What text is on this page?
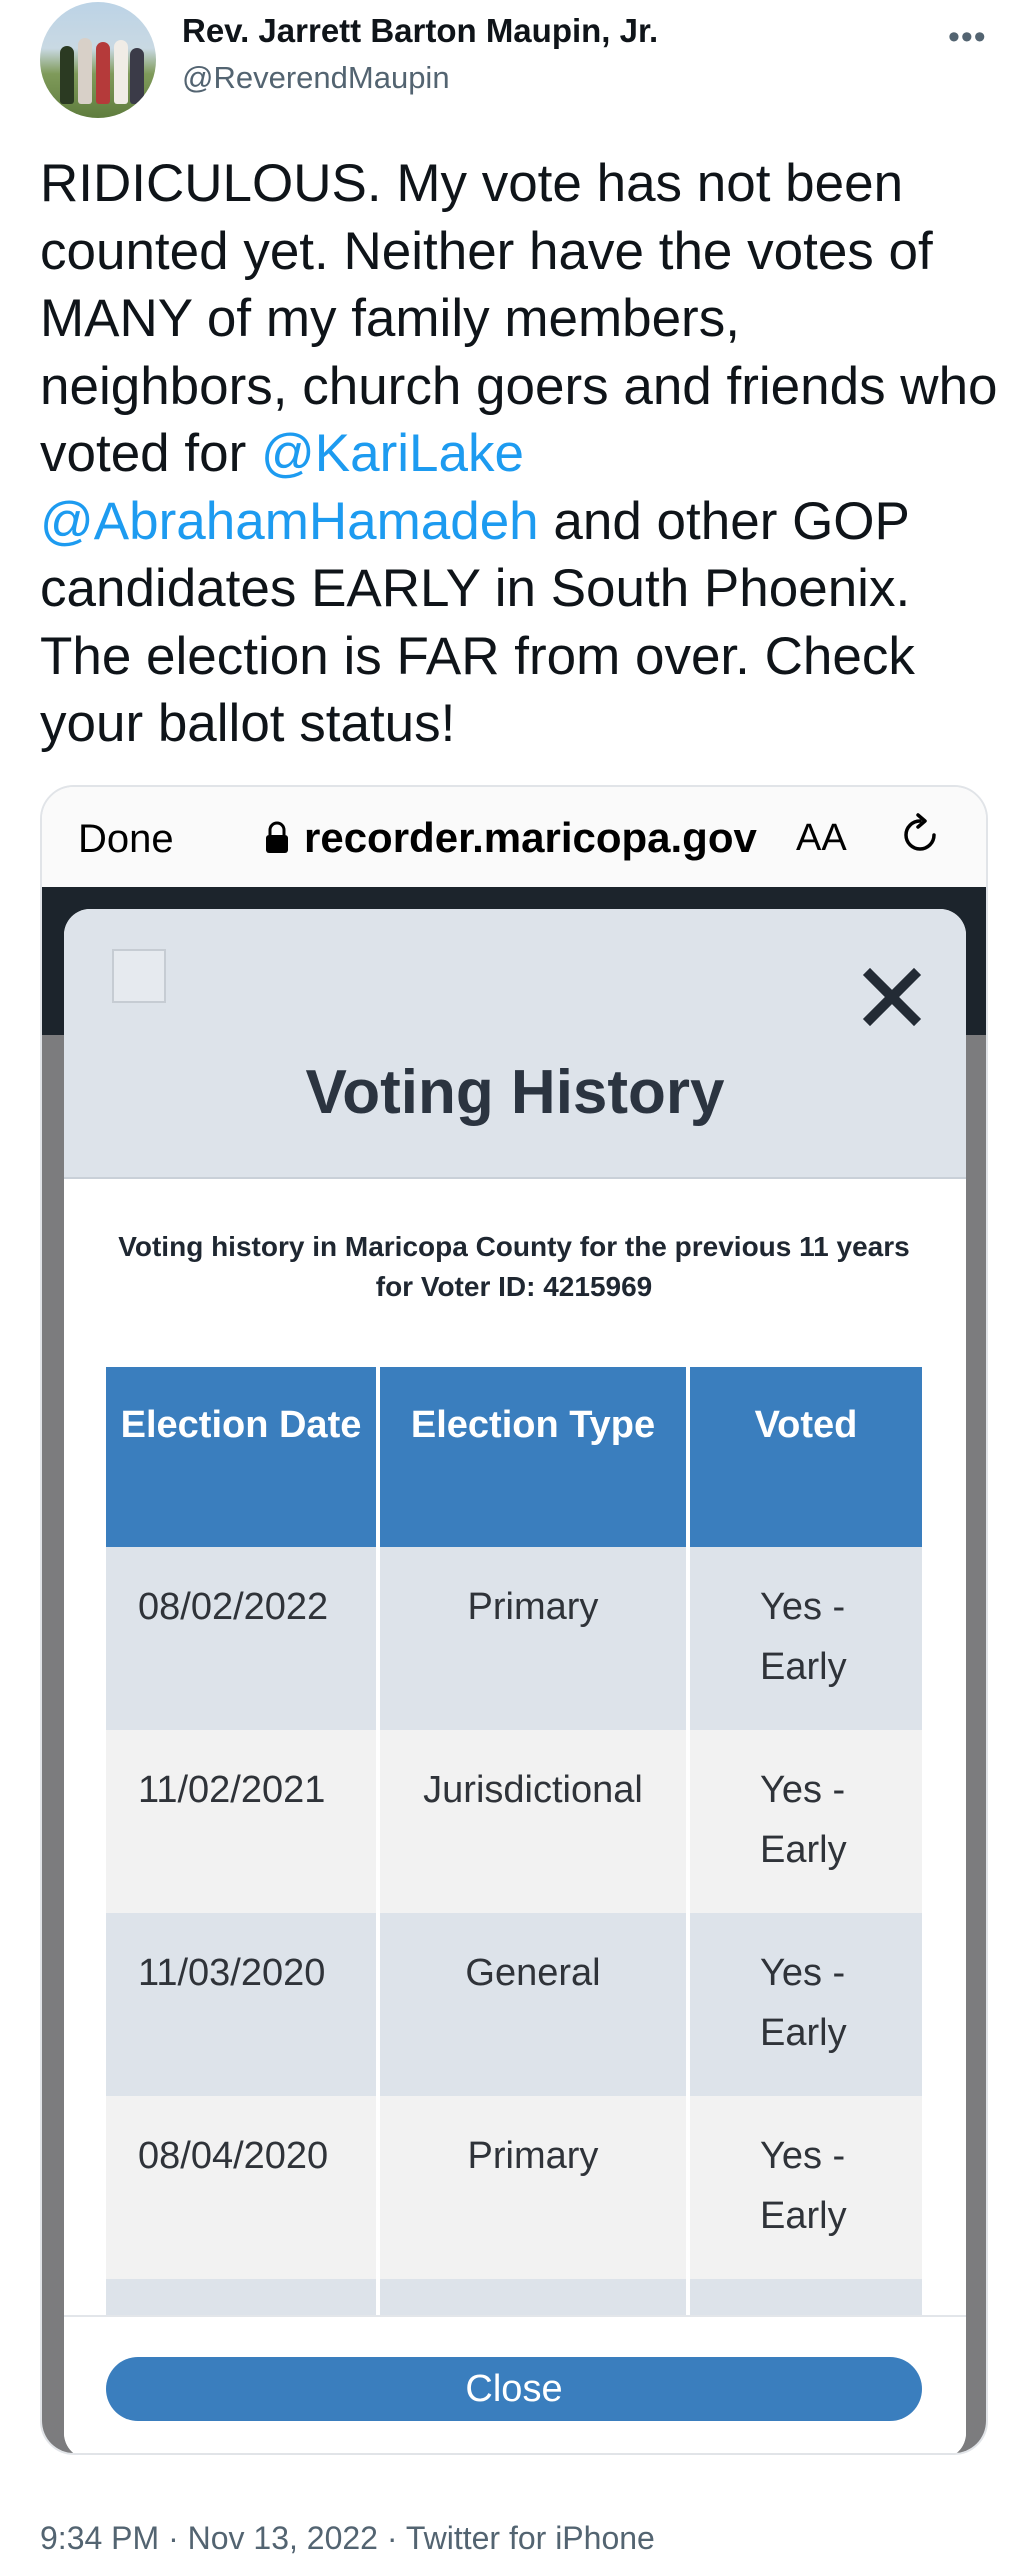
Rev. Jarrett Barton Maupin, Jr.
@ReverendMaupin
•••
RIDICULOUS. My vote has not been counted yet. Neither have the votes of MANY of my family members, neighbors, church goers and friends who voted for @KariLake @AbrahamHamadeh and other GOP candidates EARLY in South Phoenix. The election is FAR from over. Check your ballot status!
Done	recorder.maricopa.gov AA
Voting History
Voting history in Maricopa County for the previous 11 years for Voter ID: 4215969
Election Date	Election Type	Voted
08/02/2022	Primary	Yes - Early
11/02/2021	Jurisdictional	Yes - Early
11/03/2020	General	Yes - Early
08/04/2020	Primary	Yes - Early

Close
9:34 PM · Nov 13, 2022 · Twitter for iPhone
